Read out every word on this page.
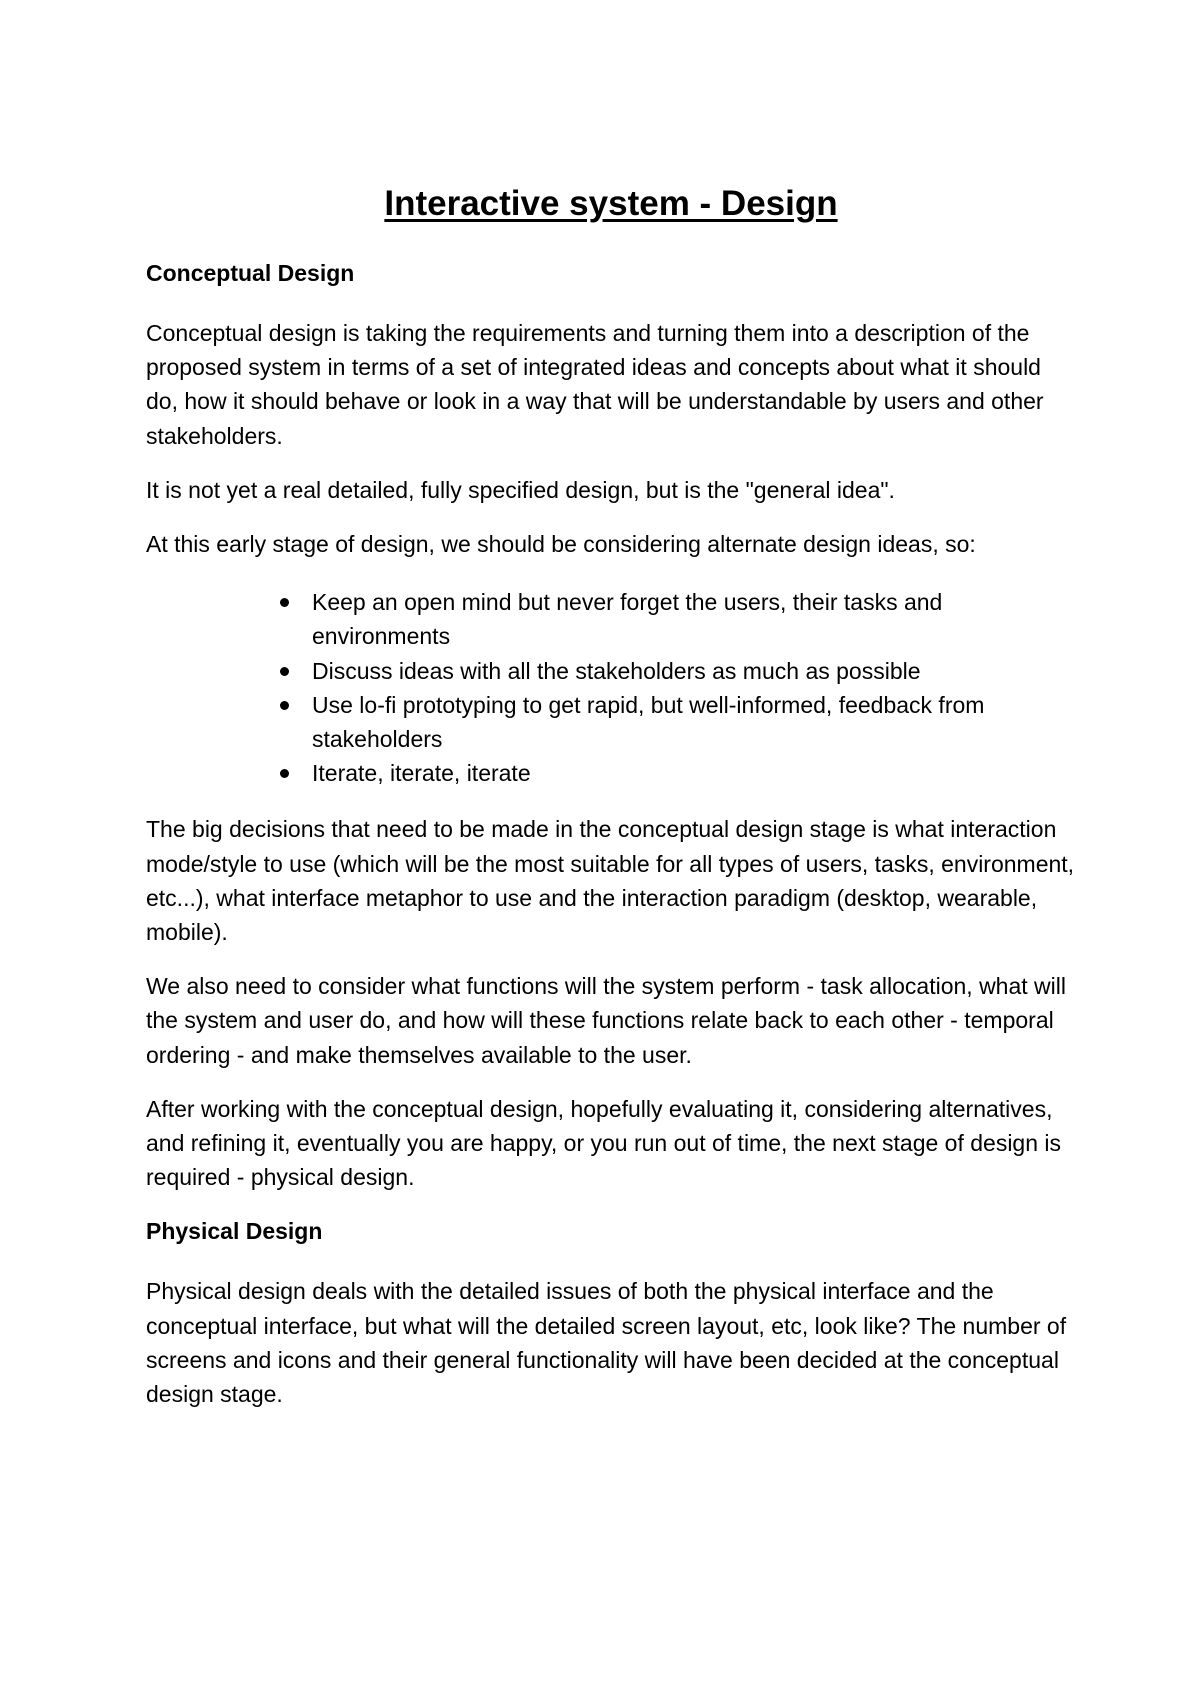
Interactive system - Design
Conceptual Design

Conceptual design is taking the requirements and turning them into a description of the proposed system in terms of a set of integrated ideas and concepts about what it should do, how it should behave or look in a way that will be understandable by users and other stakeholders.

It is not yet a real detailed, fully specified design, but is the "general idea".

At this early stage of design, we should be considering alternate design ideas, so:

Keep an open mind but never forget the users, their tasks and environments
Discuss ideas with all the stakeholders as much as possible
Use lo-fi prototyping to get rapid, but well-informed, feedback from stakeholders
Iterate, iterate, iterate

The big decisions that need to be made in the conceptual design stage is what interaction mode/style to use (which will be the most suitable for all types of users, tasks, environment, etc...), what interface metaphor to use and the interaction paradigm (desktop, wearable, mobile).

We also need to consider what functions will the system perform - task allocation, what will the system and user do, and how will these functions relate back to each other - temporal ordering - and make themselves available to the user.

After working with the conceptual design, hopefully evaluating it, considering alternatives, and refining it, eventually you are happy, or you run out of time, the next stage of design is required - physical design.

Physical Design

Physical design deals with the detailed issues of both the physical interface and the conceptual interface, but what will the detailed screen layout, etc, look like? The number of screens and icons and their general functionality will have been decided at the conceptual design stage.
